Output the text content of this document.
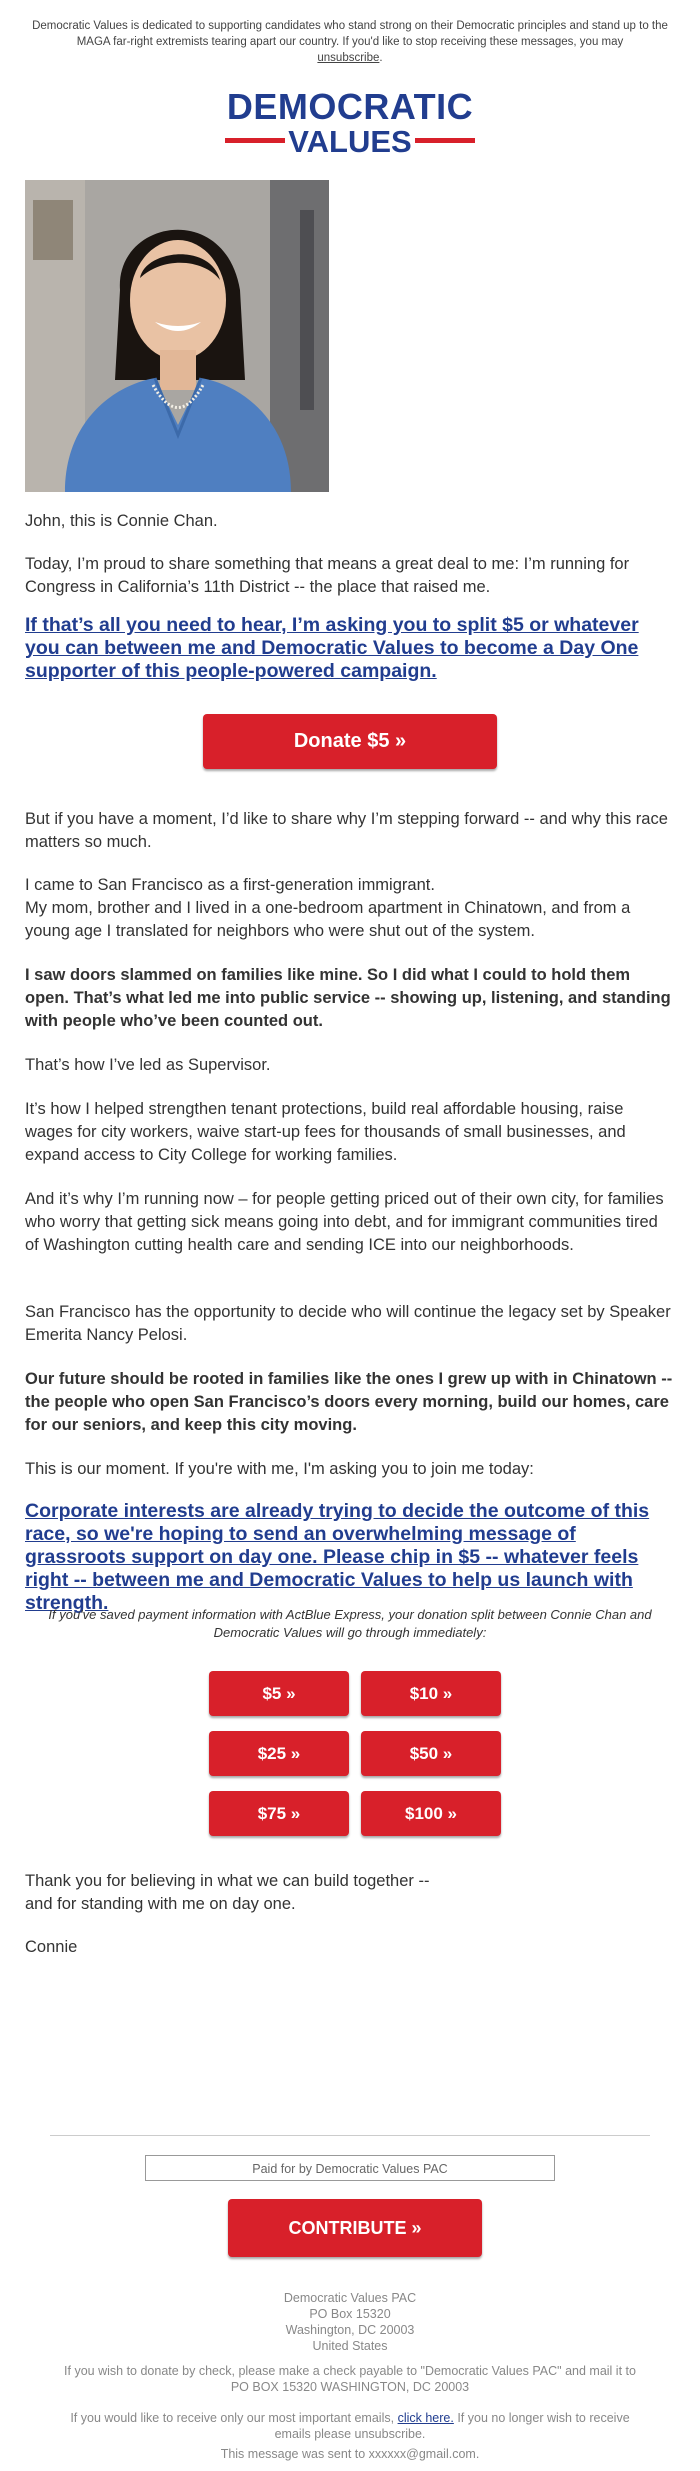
Democratic Values is dedicated to supporting candidates who stand strong on their Democratic principles and stand up to the MAGA far-right extremists tearing apart our country. If you'd like to stop receiving these messages, you may
unsubscribe.
DEMOCRATIC
VALUES
John, this is Connie Chan.
Today, I’m proud to share something that means a great deal to me: I’m running for Congress in California’s 11th District -- the place that raised me.
If that’s all you need to hear, I’m asking you to split $5 or whatever you can between me and Democratic Values to become a Day One supporter of this people-powered campaign.
Donate $5 »
But if you have a moment, I’d like to share why I’m stepping forward -- and why this race matters so much.
I came to San Francisco as a first-generation immigrant.
My mom, brother and I lived in a one-bedroom apartment in Chinatown, and from a young age I translated for neighbors who were shut out of the system.
I saw doors slammed on families like mine. So I did what I could to hold them open. That’s what led me into public service -- showing up, listening, and standing with people who’ve been counted out.
That’s how I’ve led as Supervisor.
It’s how I helped strengthen tenant protections, build real affordable housing, raise wages for city workers, waive start-up fees for thousands of small businesses, and expand access to City College for working families.
And it’s why I’m running now – for people getting priced out of their own city, for families who worry that getting sick means going into debt, and for immigrant communities tired of Washington cutting health care and sending ICE into our neighborhoods.
San Francisco has the opportunity to decide who will continue the legacy set by Speaker Emerita Nancy Pelosi.
Our future should be rooted in families like the ones I grew up with in Chinatown -- the people who open San Francisco’s doors every morning, build our homes, care for our seniors, and keep this city moving.
This is our moment. If you're with me, I'm asking you to join me today:
Corporate interests are already trying to decide the outcome of this race, so we're hoping to send an overwhelming message of grassroots support on day one. Please chip in $5 -- whatever feels right -- between me and Democratic Values to help us launch with strength.
If you've saved payment information with ActBlue Express, your donation split between Connie Chan and Democratic Values will go through immediately:
$5 »	$10 »
$25 »	$50 »
$75 »	$100 »
Thank you for believing in what we can build together --
and for standing with me on day one.
Connie
Paid for by Democratic Values PAC
CONTRIBUTE »
Democratic Values PAC
PO Box 15320
Washington, DC 20003
United States
If you wish to donate by check, please make a check payable to "Democratic Values PAC" and mail it to PO BOX 15320 WASHINGTON, DC 20003
If you would like to receive only our most important emails, click here. If you no longer wish to receive emails please unsubscribe.
This message was sent to xxxxxx@gmail.com.
